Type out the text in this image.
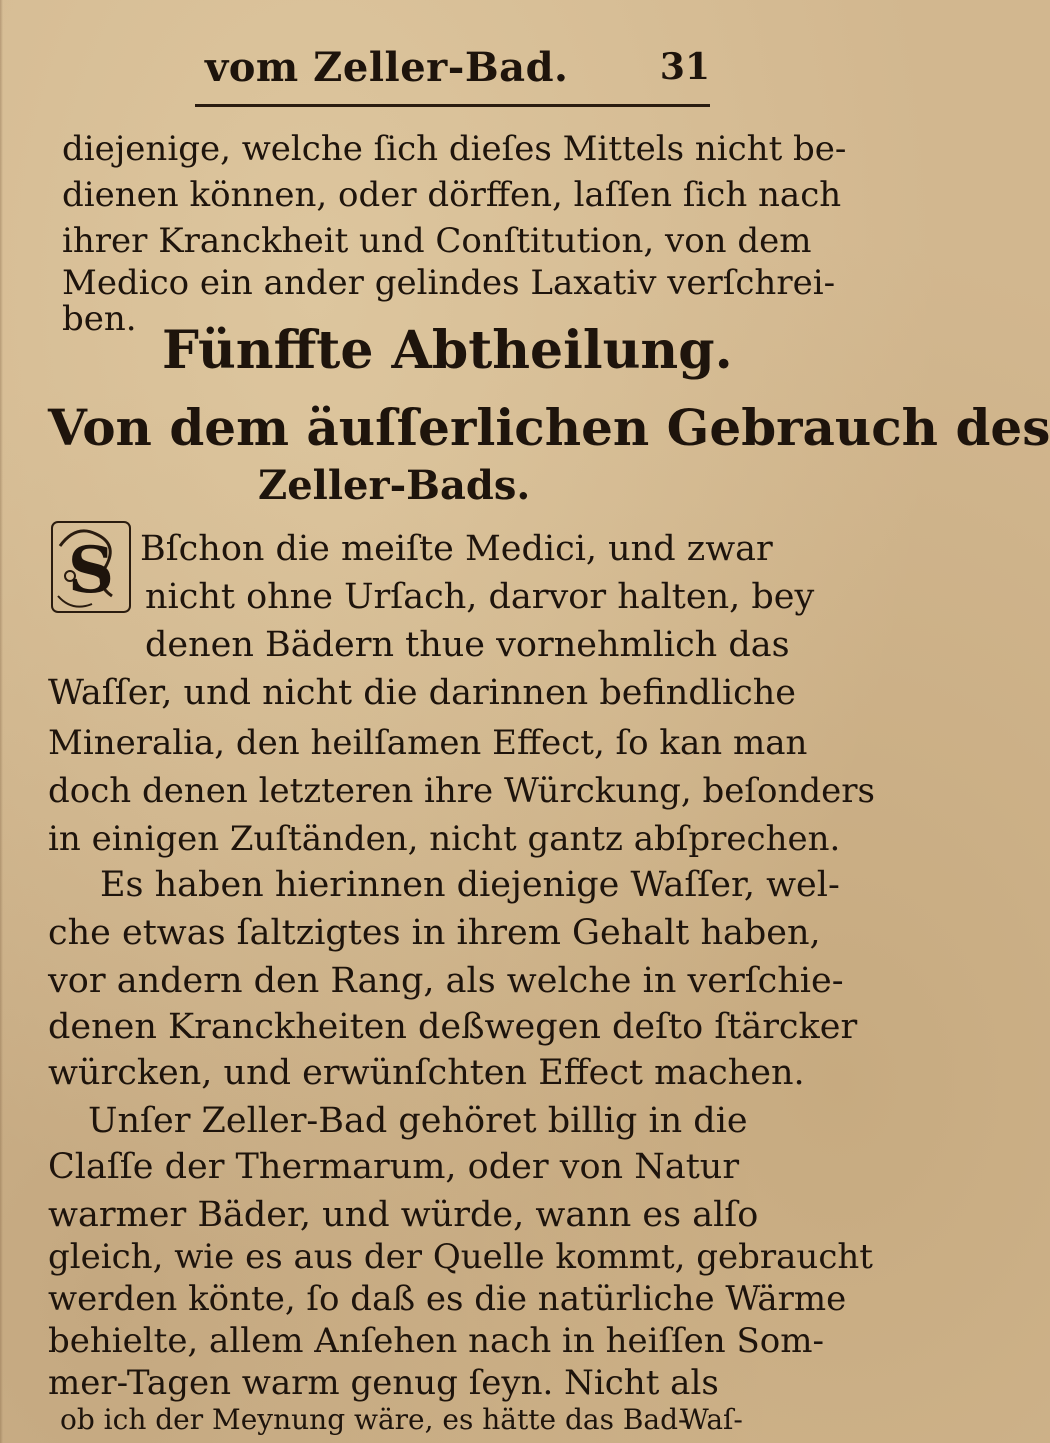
vom Zeller-Bad.	31
diejenige, welche ſich dieſes Mittels nicht be-
dienen können, oder dörffen, laſſen ſich nach
ihrer Kranckheit und Conſtitution, von dem
Medico ein ander gelindes Laxativ verſchrei-
ben.
Fünffte Abtheilung.
Von dem äuſſerlichen Gebrauch des
Zeller-Bads.
S Bſchon die meiſte Medici, und zwar
nicht ohne Urſach, darvor halten, bey
denen Bädern thue vornehmlich das
Waſſer, und nicht die darinnen befindliche
Mineralia, den heilſamen Effect, ſo kan man
doch denen letzteren ihre Würckung, beſonders
in einigen Zuſtänden, nicht gantz abſprechen.
Es haben hierinnen diejenige Waſſer, wel-
che etwas ſaltzigtes in ihrem Gehalt haben,
vor andern den Rang, als welche in verſchie-
denen Kranckheiten deßwegen deſto ſtärcker
würcken, und erwünſchten Effect machen.
Unſer Zeller-Bad gehöret billig in die
Claſſe der Thermarum, oder von Natur
warmer Bäder, und würde, wann es alſo
gleich, wie es aus der Quelle kommt, gebraucht
werden könte, ſo daß es die natürliche Wärme
behielte, allem Anſehen nach in heiſſen Som-
mer-Tagen warm genug ſeyn. Nicht als
ob ich der Meynung wäre, es hätte das Bad-
Waſ-
